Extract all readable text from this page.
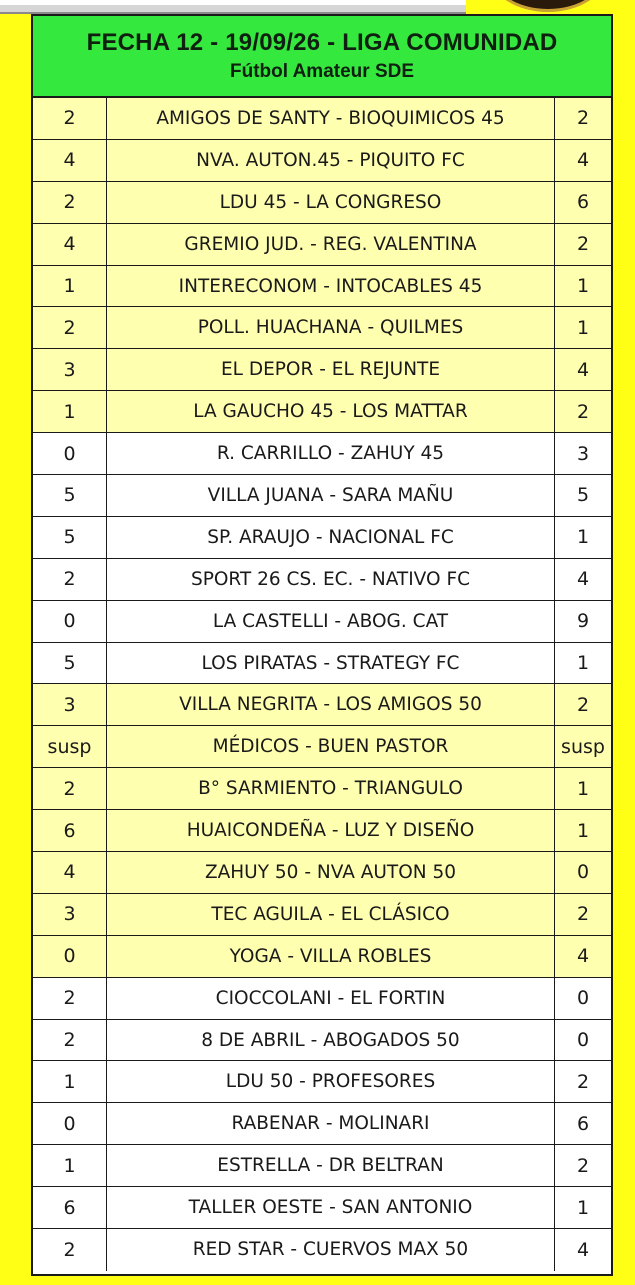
FECHA 12 - 19/09/26 - LIGA COMUNIDAD
Fútbol Amateur SDE
2	AMIGOS DE SANTY - BIOQUIMICOS 45	2
4	NVA. AUTON.45 - PIQUITO FC	4
2	LDU 45 - LA CONGRESO	6
4	GREMIO JUD. - REG. VALENTINA	2
1	INTERECONOM - INTOCABLES 45	1
2	POLL. HUACHANA - QUILMES	1
3	EL DEPOR - EL REJUNTE	4
1	LA GAUCHO 45 - LOS MATTAR	2
0	R. CARRILLO - ZAHUY 45	3
5	VILLA JUANA - SARA MAÑU	5
5	SP. ARAUJO - NACIONAL FC	1
2	SPORT 26 CS. EC. - NATIVO FC	4
0	LA CASTELLI - ABOG. CAT	9
5	LOS PIRATAS - STRATEGY FC	1
3	VILLA NEGRITA - LOS AMIGOS 50	2
susp	MÉDICOS - BUEN PASTOR	susp
2	B° SARMIENTO - TRIANGULO	1
6	HUAICONDEÑA - LUZ Y DISEÑO	1
4	ZAHUY 50 - NVA AUTON 50	0
3	TEC AGUILA - EL CLÁSICO	2
0	YOGA - VILLA ROBLES	4
2	CIOCCOLANI - EL FORTIN	0
2	8 DE ABRIL - ABOGADOS 50	0
1	LDU 50 - PROFESORES	2
0	RABENAR - MOLINARI	6
1	ESTRELLA - DR BELTRAN	2
6	TALLER OESTE - SAN ANTONIO	1
2	RED STAR - CUERVOS MAX 50	4
